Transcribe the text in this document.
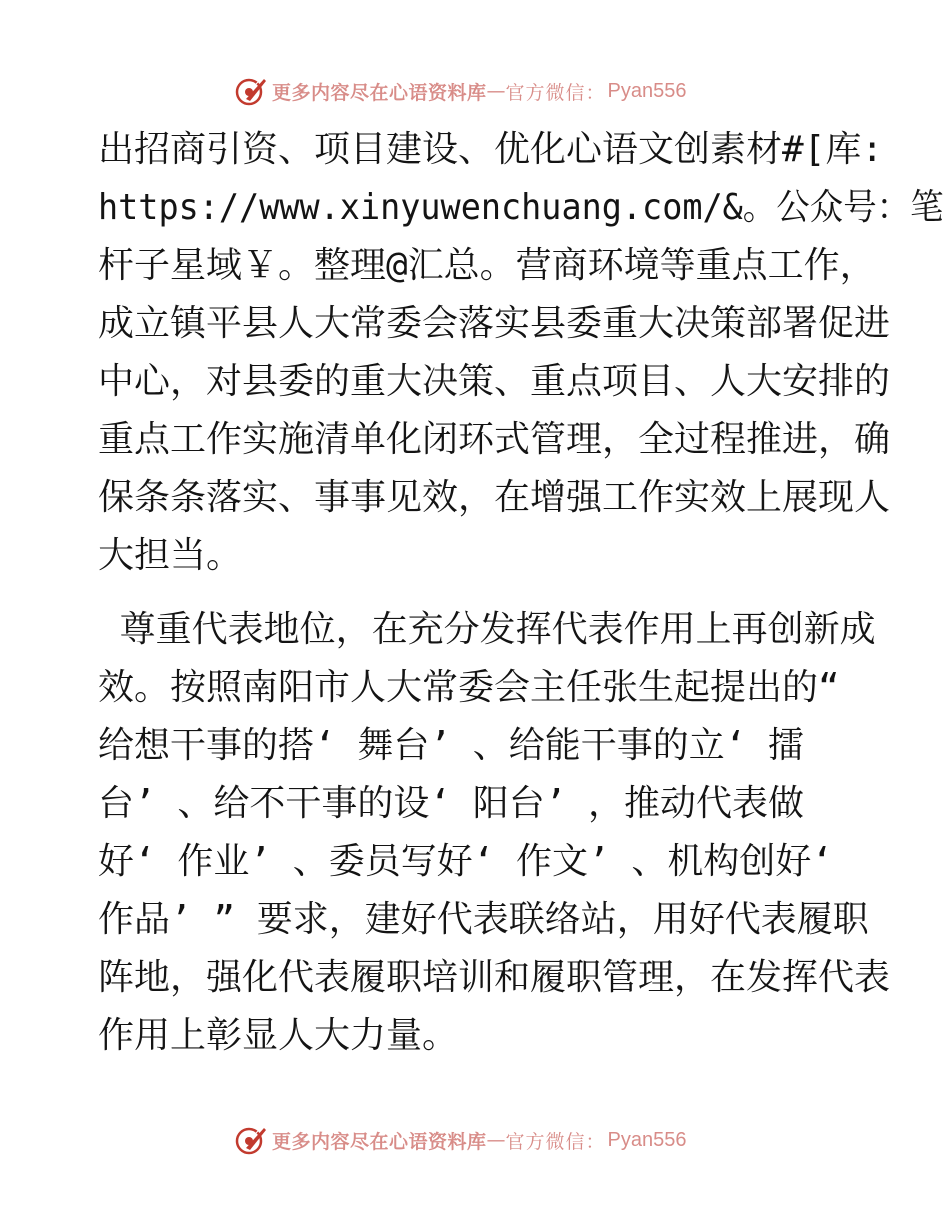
更多内容尽在心语资料库 — 官方微信： Pyan556
出招商引资、项目建设、优化心语文创素材#[库:
https://www.xinyuwenchuang.com/&。公众号：笔
杆子星域￥。整理@汇总。营商环境等重点工作，
成立镇平县人大常委会落实县委重大决策部署促进
中心，对县委的重大决策、重点项目、人大安排的
重点工作实施清单化闭环式管理，全过程推进，确
保条条落实、事事见效，在增强工作实效上展现人
大担当。
尊重代表地位，在充分发挥代表作用上再创新成
效。按照南阳市人大常委会主任张生起提出的“
给想干事的搭‘ 舞台’ 、给能干事的立‘ 擂
台’ 、给不干事的设‘ 阳台’ ，推动代表做
好‘ 作业’ 、委员写好‘ 作文’ 、机构创好‘
作品’ ” 要求，建好代表联络站，用好代表履职
阵地，强化代表履职培训和履职管理，在发挥代表
作用上彰显人大力量。
更多内容尽在心语资料库 — 官方微信： Pyan556
